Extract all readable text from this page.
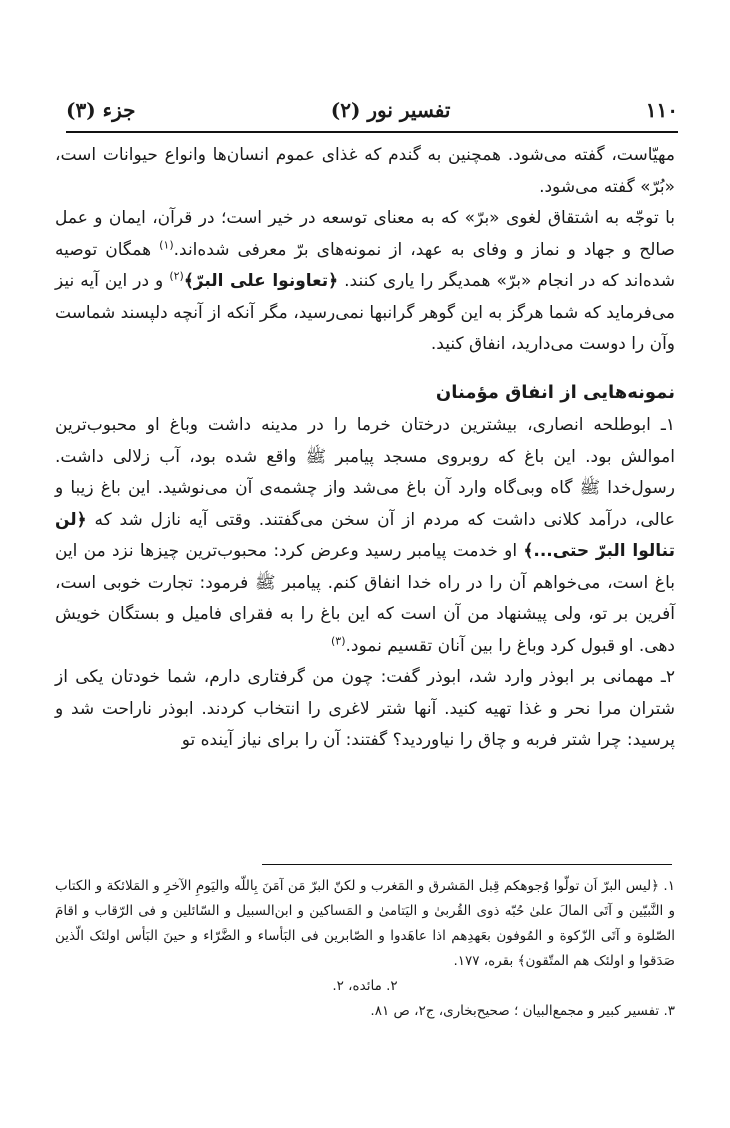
۱۱۰
تفسیر نور (۲)
جزء (۳)

مهیّاست، گفته می‌شود. همچنین به گندم که غذای عموم انسان‌ها وانواع حیوانات است، «بُرّ» گفته می‌شود.

با توجّه به اشتقاق لغوی «برّ» که به معنای توسعه در خیر است؛ در قرآن، ایمان و عمل صالح و جهاد و نماز و وفای به عهد، از نمونه‌های برّ معرفی شده‌اند.$^{(۱)}$ همگان توصیه شده‌اند که در انجام «برّ» همدیگر را یاری کنند. ﴿تعاونوا علی البرّ﴾$^{(۲)}$ و در این آیه نیز می‌فرماید که شما هرگز به این گوهر گرانبها نمی‌رسید، مگر آنکه از آنچه دلپسند شماست وآن را دوست می‌دارید، انفاق کنید.

نمونه‌هایی از انفاق مؤمنان

۱ـ ابوطلحه انصاری، بیشترین درختان خرما را در مدینه داشت وباغ او محبوب‌ترین اموالش بود. این باغ که روبروی مسجد پیامبر ﷺ واقع شده بود، آب زلالی داشت. رسول‌خدا ﷺ گاه وبی‌گاه وارد آن باغ می‌شد واز چشمه‌ی آن می‌نوشید. این باغ زیبا و عالی، درآمد کلانی داشت که مردم از آن سخن می‌گفتند. وقتی آیه نازل شد که ﴿لن تنالوا البرّ حتی...﴾ او خدمت پیامبر رسید وعرض کرد: محبوب‌ترین چیزها نزد من این باغ است، می‌خواهم آن را در راه خدا انفاق کنم. پیامبر ﷺ فرمود: تجارت خوبی است، آفرین بر تو، ولی پیشنهاد من آن است که این باغ را به فقرای فامیل و بستگان خویش دهی. او قبول کرد وباغ را بین آنان تقسیم نمود.$^{(۳)}$

۲ـ مهمانی بر ابوذر وارد شد، ابوذر گفت: چون من گرفتاری دارم، شما خودتان یکی از شتران مرا نحر و غذا تهیه کنید. آنها شتر لاغری را انتخاب کردند. ابوذر ناراحت شد و پرسید: چرا شتر فربه و چاق را نیاوردید؟ گفتند: آن را برای نیاز آینده تو

۱. ﴿لیس البرّ اَن تولّوا وُجوهکم قِبل المَشرق و المَغرب و لکنّ البرّ مَن آمَنَ بِاللّه والیَومِ الآخرِ و المَلائکة و الکتاب و النَّبیّین و آتَی المالَ علیٰ حُبّه ذوی القُربیٰ و الیَتامیٰ و المَساکین و ابن‌السبیل و السّائلین و فی الرّقاب و اقامَ الصّلوة و آتَی الزّکوة و المُوفون بعَهدِهم اذا عاهَدوا و الصّابرین فی البَأساء و الضَّرّاء و حینَ البَأس اولئک الّذین صَدَقوا و اولئک هم المتّقون﴾ بقره، ۱۷۷.

۲. مائده، ۲.

۳. تفسیر کبیر و مجمع‌البیان ؛ صحیح‌بخاری، ج۲، ص ۸۱.
